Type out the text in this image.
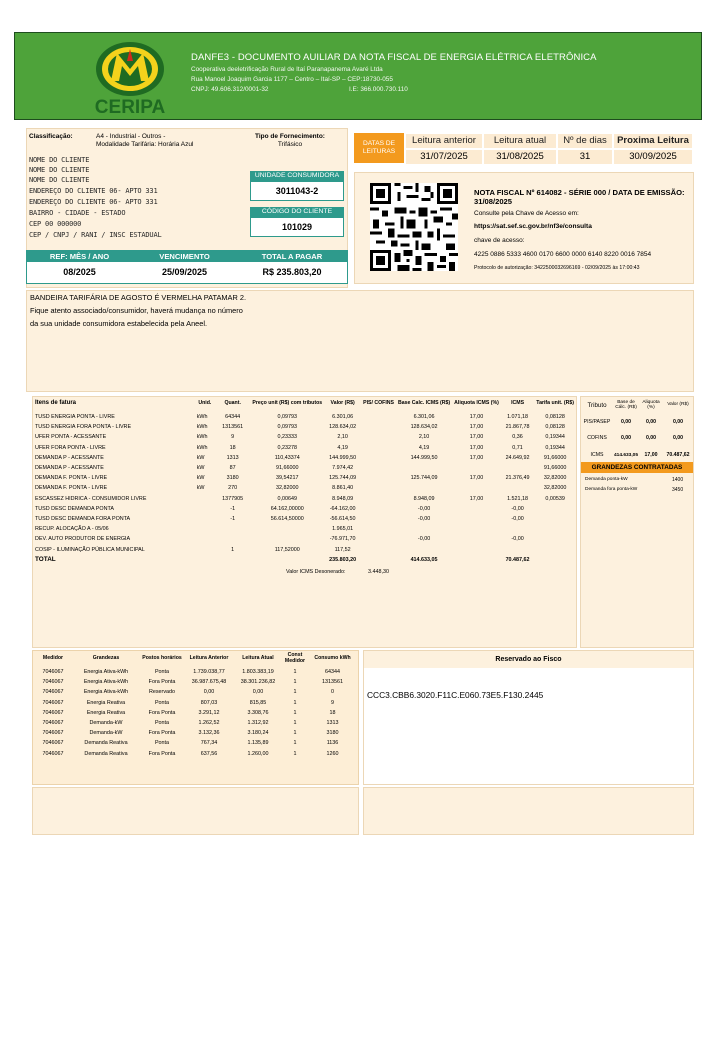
CERIPA
DANFE3 - DOCUMENTO AUILIAR DA NOTA FISCAL DE ENERGIA ELÉTRICA ELETRÔNICA
Cooperativa deeletrificação Rural de Itaí Paranapanema Avaré Ltda
Rua Manoel Joaquim Garcia 1177 – Centro – Itaí-SP – CEP:18730-055
CNPJ: 49.606.312/0001-32	I.E: 366.000.730.110
Classificação:	A4 - Industrial - Outros -
Modalidade Tarifária: Horária Azul
Tipo de Fornecimento:
Trifásico
NOME DO CLIENTE
NOME DO CLIENTE
NOME DO CLIENTE
ENDEREÇO DO CLIENTE 06- APTO 331
ENDEREÇO DO CLIENTE 06- APTO 331
BAIRRO - CIDADE - ESTADO
CEP 00 000000
CEP / CNPJ / RANI / INSC ESTADUAL
UNIDADE CONSUMIDORA
3011043-2
CÓDIGO DO CLIENTE
101029
REF: MÊS / ANO	VENCIMENTO	TOTAL A PAGAR
08/2025	25/09/2025	R$ 235.803,20
DATAS DE
LEITURAS
Leitura anterior	Leitura atual	Nº de dias	Proxima Leitura
31/07/2025	31/08/2025	31	30/09/2025
NOTA FISCAL Nº 614082 - SÉRIE 000 / DATA DE EMISSÃO: 31/08/2025
Consulte pela Chave de Acesso em:
https://sat.sef.sc.gov.br/nf3e/consulta
chave de acesso:
4225 0886 5333 4600 0170 6600 0000 6140 8220 0016 7854
Protocolo de autorização: 3422500032696169 - 02/09/2025 às 17:00:43
BANDEIRA TARIFÁRIA DE AGOSTO É VERMELHA PATAMAR 2.
Fique atento associado/consumidor, haverá mudança no número
da sua unidade consumidora estabelecida pela Aneel.
Itens de fatura	Unid.	Quant.	Preço unit (R$) com tributos	Valor (R$)	PIS/ COFINS	Base Calc. ICMS (R$)	Aliquota ICMS (%)	ICMS	Tarifa unit. (R$)
TUSD ENERGIA PONTA - LIVRE	kWh	64344	0,09793	6.301,06		6.301,06	17,00	1.071,18	0,08128
TUSD ENERGIA FORA PONTA - LIVRE	kWh	1313561	0,09793	128.634,02		128.634,02	17,00	21.867,78	0,08128
UFER PONTA - ACESSANTE	kWh	9	0,23333	2,10		2,10	17,00	0,36	0,19344
UFER FORA PONTA - LIVRE	kWh	18	0,23278	4,19		4,19	17,00	0,71	0,19344
DEMANDA P - ACESSANTE	kW	1313	110,43374	144.999,50		144.999,50	17,00	24.649,92	91,66000
DEMANDA P - ACESSANTE	kW	87	91,66000	7.974,42					91,66000
DEMANDA F. PONTA - LIVRE	kW	3180	39,54217	125.744,09		125.744,09	17,00	21.376,49	32,82000
DEMANDA F. PONTA - LIVRE	kW	270	32,82000	8.861,40					32,82000
ESCASSEZ HIDRICA - CONSUMIDOR LIVRE		1377905	0,00649	8.948,09		8.948,09	17,00	1.521,18	0,00539
TUSD DESC DEMANDA PONTA		-1	64.162,00000	-64.162,00		-0,00		-0,00	
TUSD DESC DEMANDA FORA PONTA		-1	56.614,50000	-56.614,50		-0,00		-0,00	
RECUP. ALOCAÇÃO A - 05/06				1.965,01					
DEV. AUTO PRODUTOR DE ENERGIA				-76.971,70		-0,00		-0,00	
COSIP - ILUMINAÇÃO PÚBLICA MUNICIPAL		1	117,52000	117,52					
TOTAL				235.803,20		414.633,05		70.487,62	
Valor ICMS Desonerado:	3.448,30
Tributo	Base de Cálc. (R$)	Aliquota (%)	Valor (R$)
PIS/PASEP	0,00	0,00	0,00
COFINS	0,00	0,00	0,00
ICMS	414.633,05	17,00	70.487,62
GRANDEZAS CONTRATADAS
Demanda ponta-kW	1400
Demanda fora ponta-kW	3450
Medidor	Grandezas	Postos horários	Leitura Anterior	Leitura Atual	Const Medidor	Consumo kWh
7046067	Energia Ativa-kWh	Ponta	1.739.038,77	1.803.383,19	1	64344
7046067	Energia Ativa-kWh	Fora Ponta	36.987.675,48	38.301.236,82	1	1313561
7046067	Energia Ativa-kWh	Reservado	0,00	0,00	1	0
7046067	Energia Reativa	Ponta	807,03	815,85	1	9
7046067	Energia Reativa	Fora Ponta	3.291,12	3.308,76	1	18
7046067	Demanda-kW	Ponta	1.262,52	1.312,92	1	1313
7046067	Demanda-kW	Fora Ponta	3.132,36	3.180,24	1	3180
7046067	Demanda Reativa	Ponta	767,34	1.135,89	1	1136
7046067	Demanda Reativa	Fora Ponta	637,56	1.260,00	1	1260
Reservado ao Fisco
CCC3.CBB6.3020.F11C.E060.73E5.F130.2445
